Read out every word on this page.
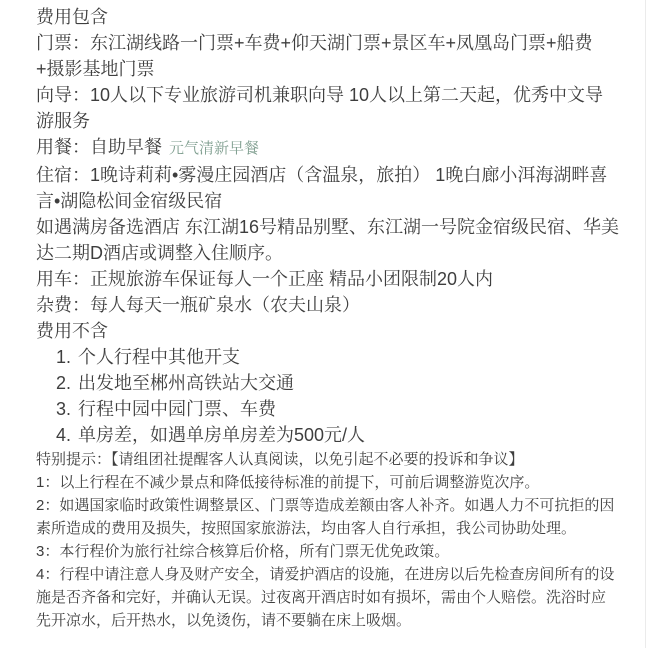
费用包含
门票：东江湖线路一门票+车费+仰天湖门票+景区车+凤凰岛门票+船费+摄影基地门票
向导：10人以下专业旅游司机兼职向导 10人以上第二天起，优秀中文导游服务
用餐：自助早餐 元气清新早餐
住宿：1晚诗莉莉•雾漫庄园酒店（含温泉，旅拍） 1晚白廊小洱海湖畔喜言•湖隐松间金宿级民宿
如遇满房备选酒店 东江湖16号精品别墅、东江湖一号院金宿级民宿、华美达二期D酒店或调整入住顺序。
用车：正规旅游车保证每人一个正座 精品小团限制20人内
杂费：每人每天一瓶矿泉水（农夫山泉）
费用不含
1. 个人行程中其他开支
2. 出发地至郴州高铁站大交通
3. 行程中园中园门票、车费
4. 单房差，如遇单房单房差为500元/人
特别提示：【请组团社提醒客人认真阅读，以免引起不必要的投诉和争议】
1：以上行程在不减少景点和降低接待标准的前提下，可前后调整游览次序。
2：如遇国家临时政策性调整景区、门票等造成差额由客人补齐。如遇人力不可抗拒的因素所造成的费用及损失，按照国家旅游法，均由客人自行承担，我公司协助处理。
3：本行程价为旅行社综合核算后价格，所有门票无优免政策。
4：行程中请注意人身及财产安全，请爱护酒店的设施，在进房以后先检查房间所有的设施是否齐备和完好，并确认无误。过夜离开酒店时如有损坏，需由个人赔偿。洗浴时应先开凉水，后开热水，以免烫伤，请不要躺在床上吸烟。
